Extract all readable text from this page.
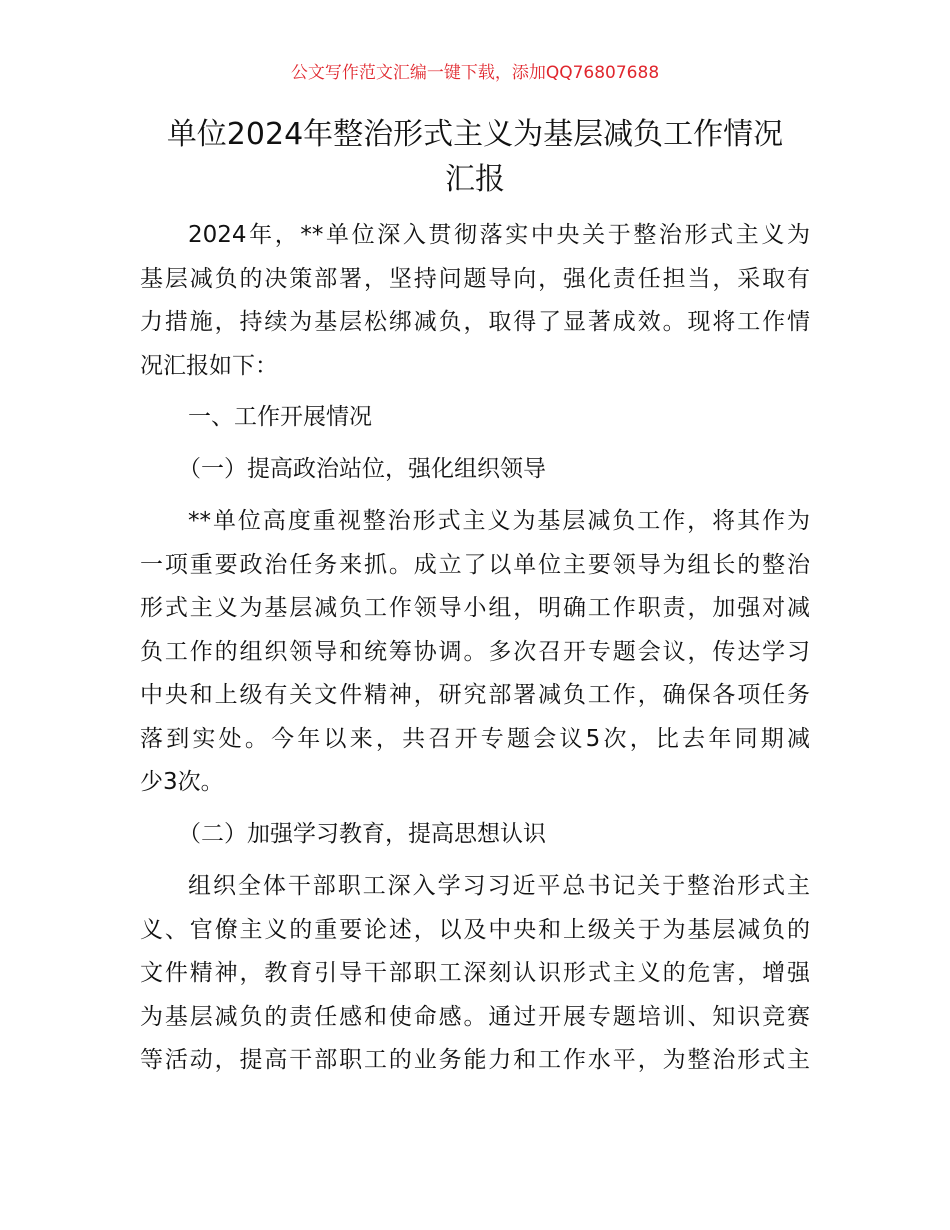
公文写作范文汇编一键下载，添加QQ76807688
单位2024年整治形式主义为基层减负工作情况
汇报
2024年，**单位深入贯彻落实中央关于整治形式主义为
基层减负的决策部署，坚持问题导向，强化责任担当，采取有
力措施，持续为基层松绑减负，取得了显著成效。现将工作情
况汇报如下：
一、工作开展情况
（一）提高政治站位，强化组织领导
**单位高度重视整治形式主义为基层减负工作，将其作为
一项重要政治任务来抓。成立了以单位主要领导为组长的整治
形式主义为基层减负工作领导小组，明确工作职责，加强对减
负工作的组织领导和统筹协调。多次召开专题会议，传达学习
中央和上级有关文件精神，研究部署减负工作，确保各项任务
落到实处。今年以来，共召开专题会议5次，比去年同期减
少3次。
（二）加强学习教育，提高思想认识
组织全体干部职工深入学习习近平总书记关于整治形式主
义、官僚主义的重要论述，以及中央和上级关于为基层减负的
文件精神，教育引导干部职工深刻认识形式主义的危害，增强
为基层减负的责任感和使命感。通过开展专题培训、知识竞赛
等活动，提高干部职工的业务能力和工作水平，为整治形式主
